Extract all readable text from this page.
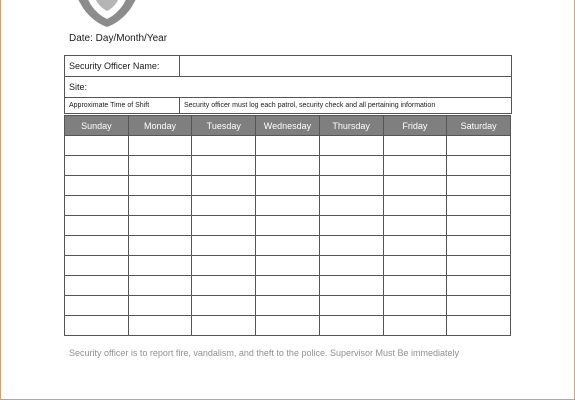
Date: Day/Month/Year
Security Officer Name:	
Site:	
Approximate Time of Shift	Security officer must log each patrol, security check and all pertaining information
Sunday	Monday	Tuesday	Wednesday	Thursday	Friday	Saturday

Security officer is to report fire, vandalism, and theft to the police. Supervisor Must Be immediately
